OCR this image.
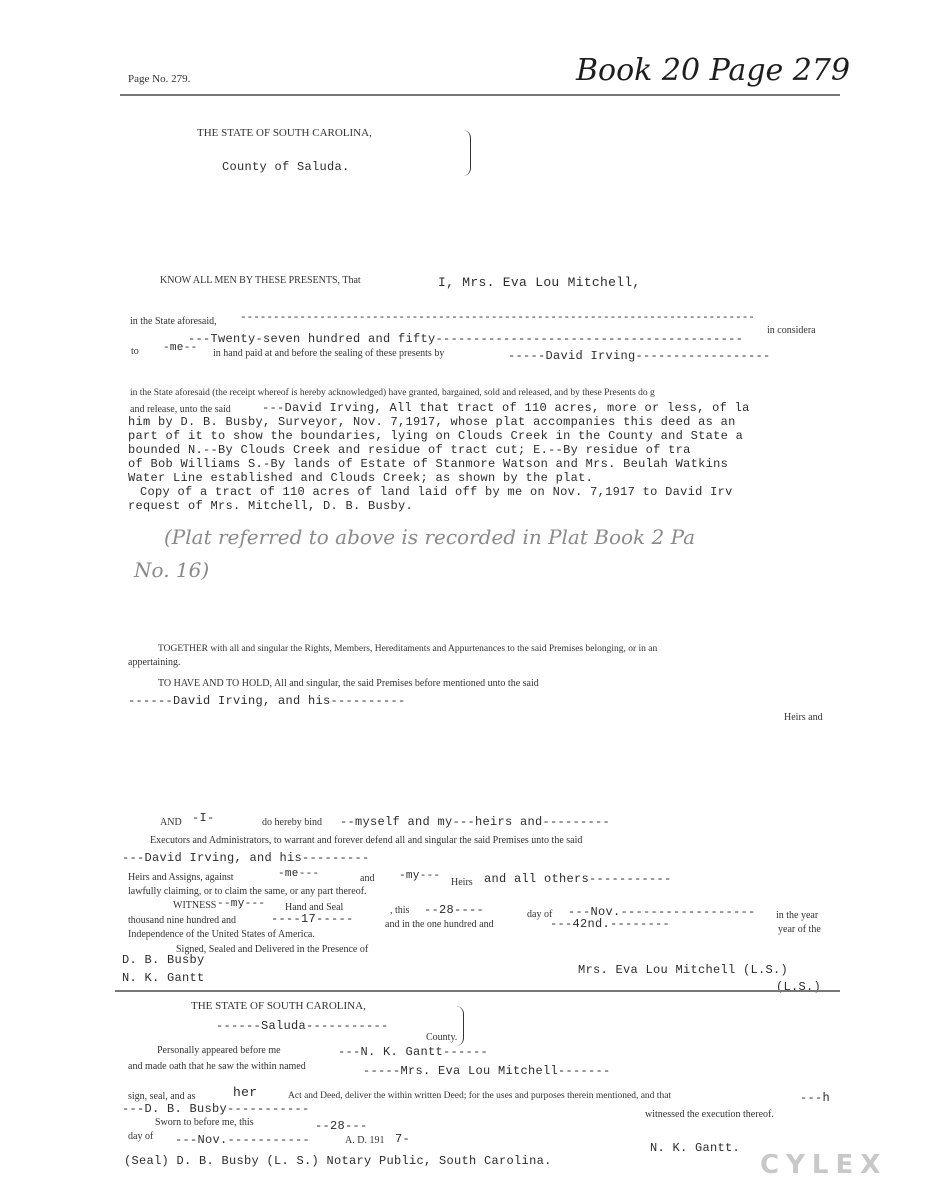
Page No. 279.	Book 20 Page 279
THE STATE OF SOUTH CAROLINA,
County of Saluda.
KNOW ALL MEN BY THESE PRESENTS, That	I, Mrs. Eva Lou Mitchell,
in the State aforesaid, ------------------------------------------------------------------------------
in considera
---Twenty-seven hundred and fifty-----------------------------------------
to -me-- in hand paid at and before the sealing of these presents by	-----David Irving------------------
in the State aforesaid (the receipt whereof is hereby acknowledged) have granted, bargained, sold and released, and by these Presents do g
and release, unto the said	---David Irving, All that tract of 110 acres, more or less, of la
him by D. B. Busby, Surveyor, Nov. 7,1917, whose plat accompanies this deed as an
part of it to show the boundaries, lying on Clouds Creek in the County and State a
bounded N.--By Clouds Creek and residue of tract cut; E.--By residue of tra
of Bob Williams S.-By lands of Estate of Stanmore Watson and Mrs. Beulah Watkins
Water Line established and Clouds Creek; as shown by the plat.
Copy of a tract of 110 acres of land laid off by me on Nov. 7,1917 to David Irv
request of Mrs. Mitchell, D. B. Busby.
(Plat referred to above is recorded in Plat Book 2 Pa
No. 16)
TOGETHER with all and singular the Rights, Members, Hereditaments and Appurtenances to the said Premises belonging, or in an
appertaining.
TO HAVE AND TO HOLD, All and singular, the said Premises before mentioned unto the said
------David Irving, and his----------
Heirs and
AND -I-	do hereby bind --myself and my---heirs and---------
Executors and Administrators, to warrant and forever defend all and singular the said Premises unto the said
---David Irving, and his---------
Heirs and Assigns, against	-me---	and -my---
Heirs and all others-----------
lawfully claiming, or to claim the same, or any part thereof.
WITNESS --my--- Hand and Seal	, this --28----	day of ---Nov.------------------ in the year
thousand nine hundred and	----17-----	and in the one hundred and	---42nd.--------	year of the
Independence of the United States of America.
Signed, Sealed and Delivered in the Presence of
D. B. Busby
N. K. Gantt
Mrs. Eva Lou Mitchell (L.S.)
(L.S.)
THE STATE OF SOUTH CAROLINA,
------Saluda-----------
County.
Personally appeared before me	---N. K. Gantt------
and made oath that he saw the within named	-----Mrs. Eva Lou Mitchell-------
sign, seal, and as	her	Act and Deed, deliver the within written Deed; for the uses and purposes therein mentioned, and that	---h
---D. B. Busby-----------	witnessed the execution thereof.
Sworn to before me, this	--28---
day of ---Nov.-----------	A. D. 191 7-
N. K. Gantt.
(Seal) D. B. Busby (L. S.) Notary Public, South Carolina.	CYLEX
